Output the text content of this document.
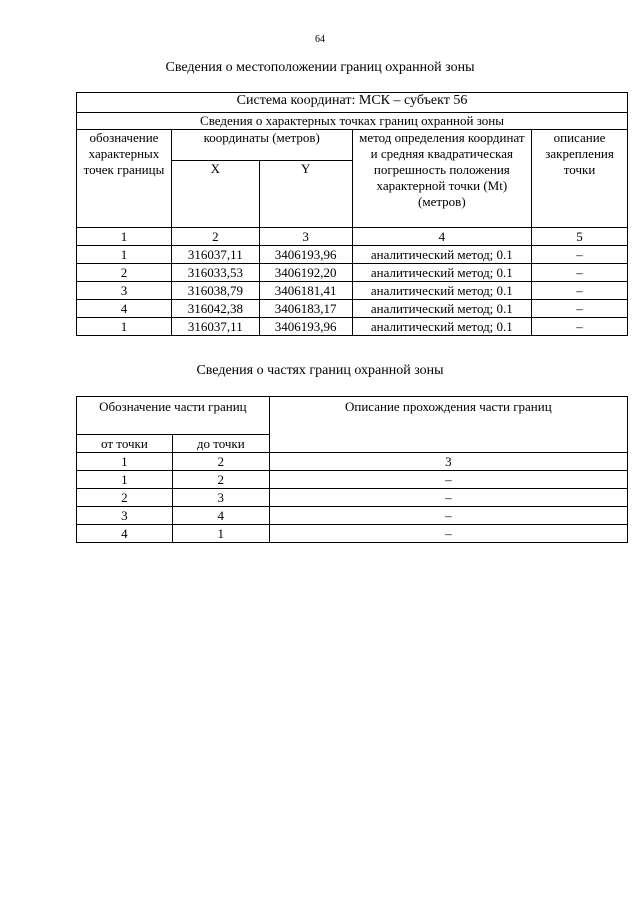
64
Сведения о местоположении границ охранной зоны
Система координат: МСК – субъект 56				
Сведения о характерных точках границ охранной зоны				
обозначение характерных точек границы	координаты (метров)		метод определения координат и средняя квадратическая погрешность положения характерной точки (Mt) (метров)	описание закрепления точки
	X	Y		
1	2	3	4	5
1	316037,11	3406193,96	аналитический метод; 0.1	–
2	316033,53	3406192,20	аналитический метод; 0.1	–
3	316038,79	3406181,41	аналитический метод; 0.1	–
4	316042,38	3406183,17	аналитический метод; 0.1	–
1	316037,11	3406193,96	аналитический метод; 0.1	–
Сведения о частях границ охранной зоны
Обозначение части границ		Описание прохождения части границ
от точки	до точки	
1	2	3
1	2	–
2	3	–
3	4	–
4	1	–
